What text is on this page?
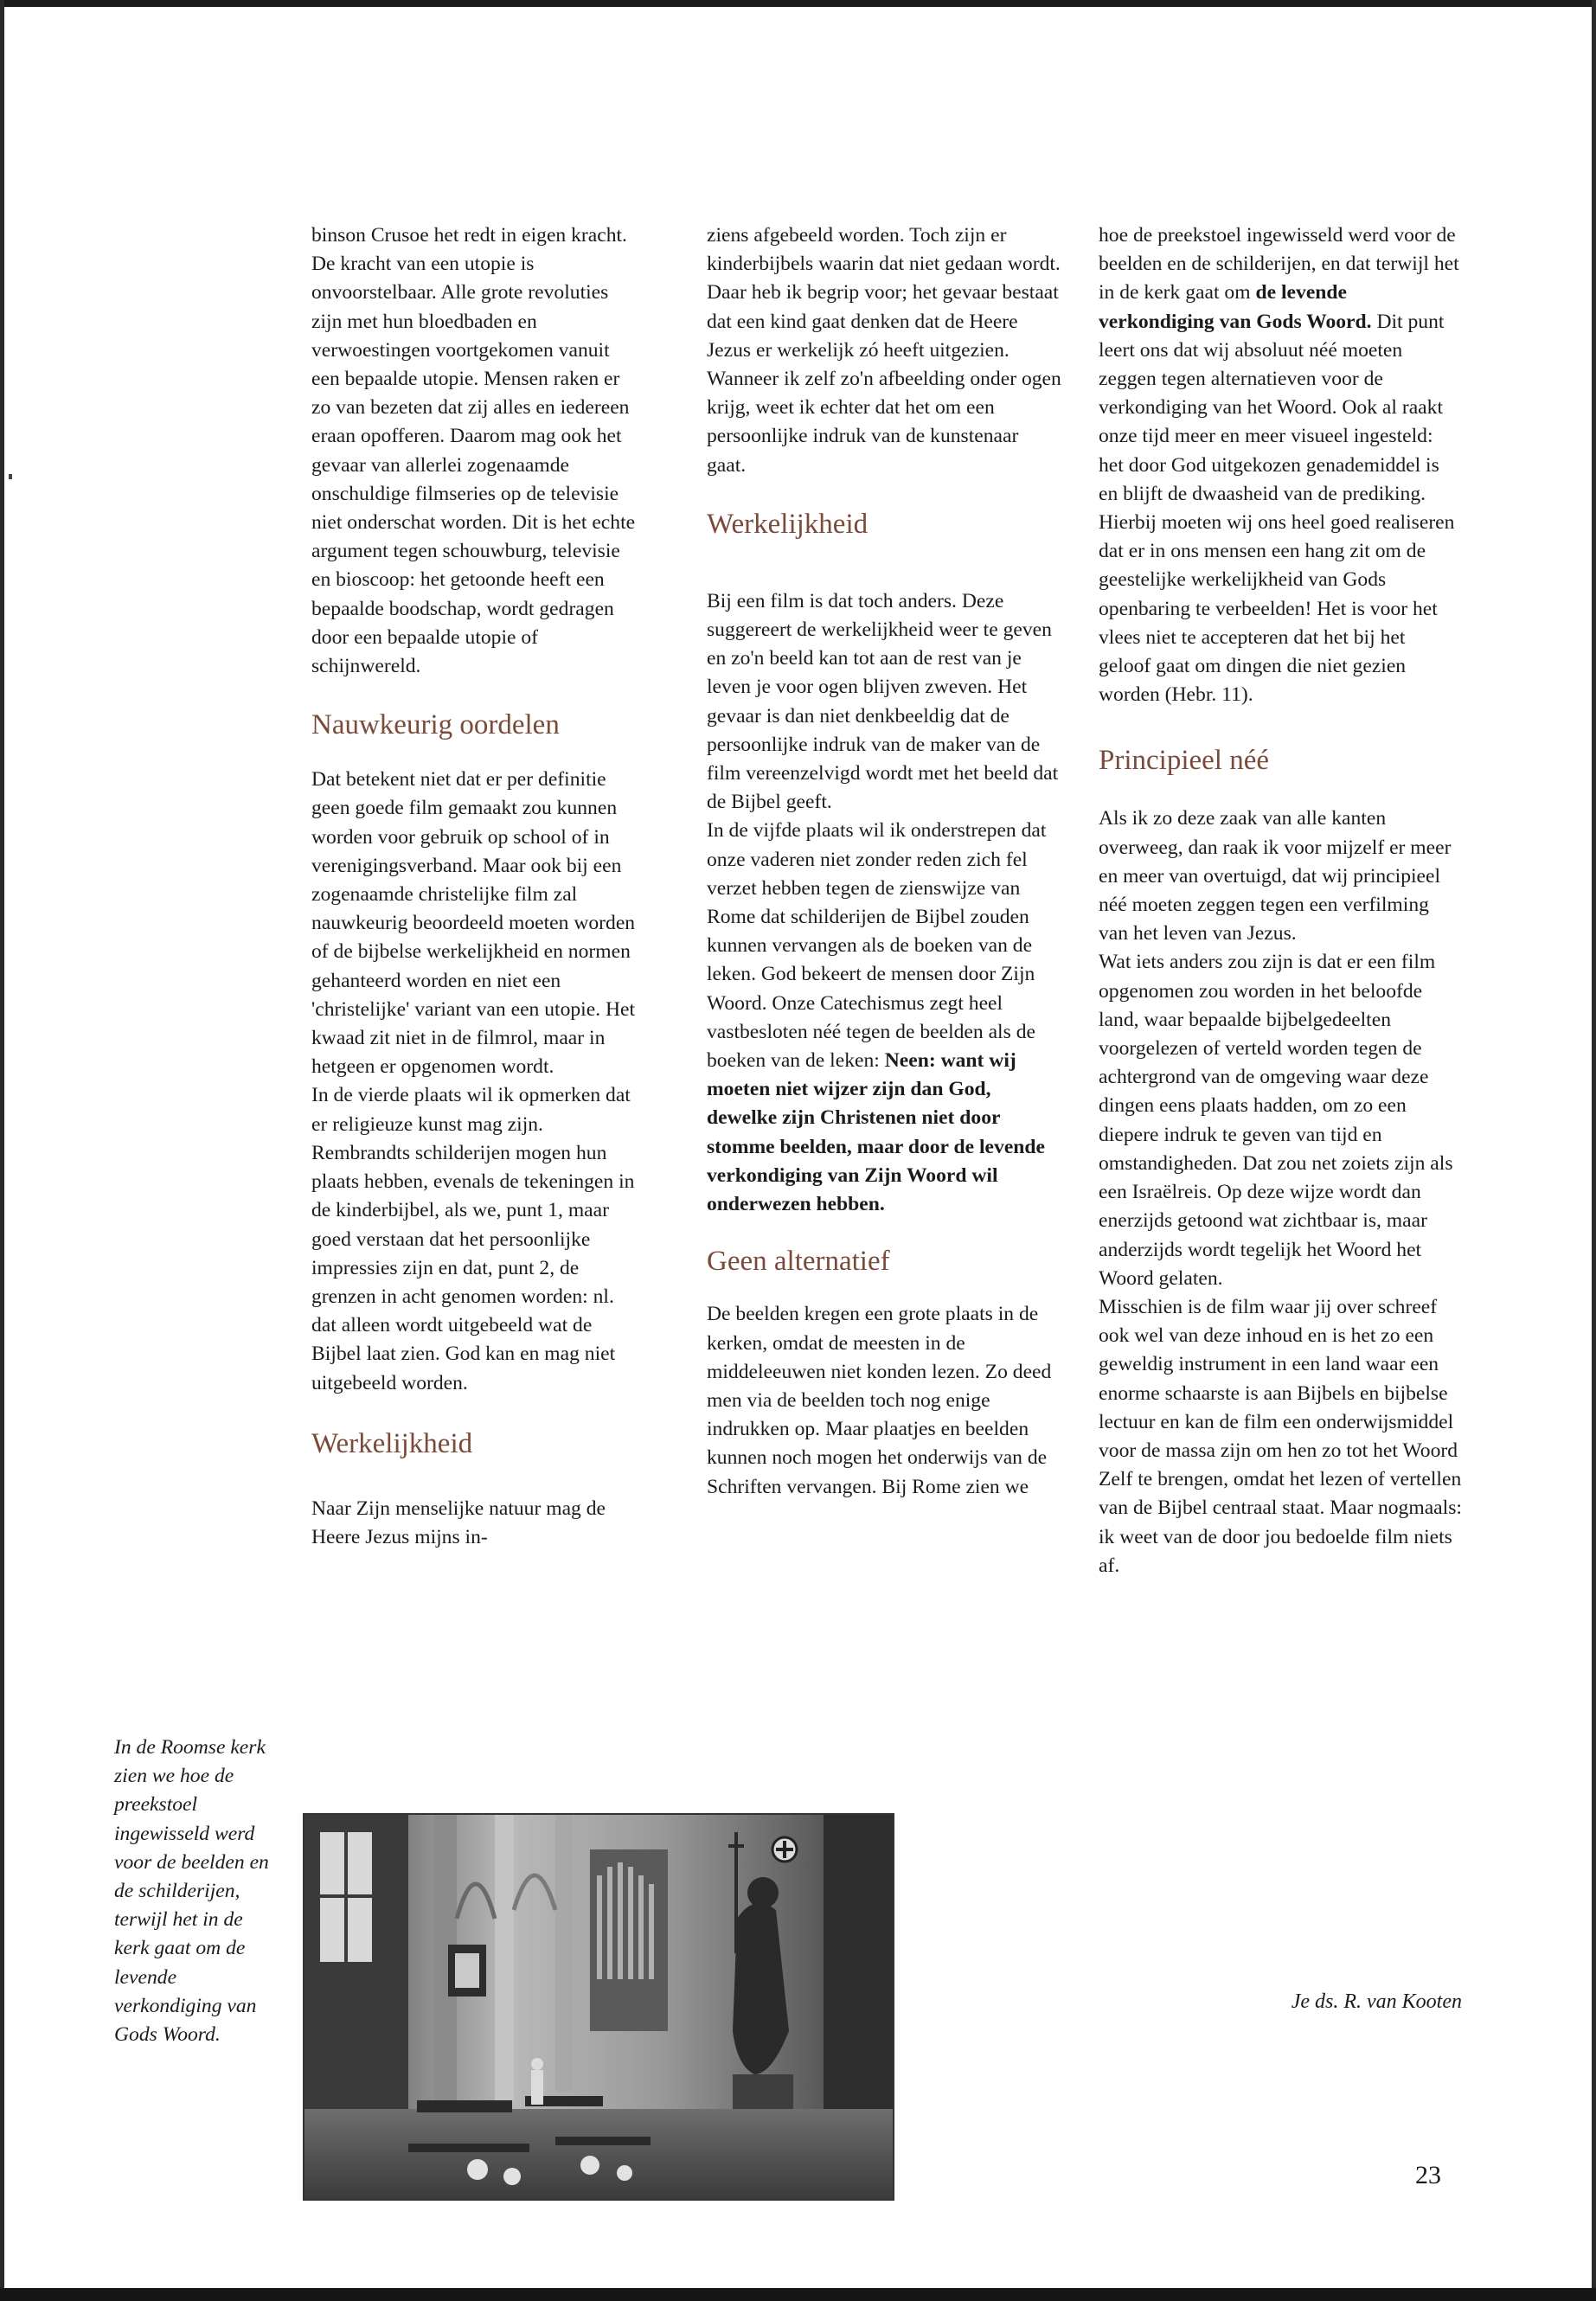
binson Crusoe het redt in eigen kracht.

De kracht van een utopie is onvoorstelbaar. Alle grote revoluties zijn met hun bloedbaden en verwoestingen voortgekomen vanuit een bepaalde utopie. Mensen raken er zo van bezeten dat zij alles en iedereen eraan opofferen. Daarom mag ook het gevaar van allerlei zogenaamde onschuldige filmseries op de televisie niet onderschat worden. Dit is het echte argument tegen schouwburg, televisie en bioscoop: het getoonde heeft een bepaalde boodschap, wordt gedragen door een bepaalde utopie of schijnwereld.

Nauwkeurig oordelen

Dat betekent niet dat er per definitie geen goede film gemaakt zou kunnen worden voor gebruik op school of in verenigingsverband. Maar ook bij een zogenaamde christelijke film zal nauwkeurig beoordeeld moeten worden of de bijbelse werkelijkheid en normen gehanteerd worden en niet een 'christelijke' variant van een utopie. Het kwaad zit niet in de filmrol, maar in hetgeen er opgenomen wordt.

In de vierde plaats wil ik opmerken dat er religieuze kunst mag zijn. Rembrandts schilderijen mogen hun plaats hebben, evenals de tekeningen in de kinderbijbel, als we, punt 1, maar goed verstaan dat het persoonlijke impressies zijn en dat, punt 2, de grenzen in acht genomen worden: nl. dat alleen wordt uitgebeeld wat de Bijbel laat zien. God kan en mag niet uitgebeeld worden.

Werkelijkheid

Naar Zijn menselijke natuur mag de Heere Jezus mijns in-

ziens afgebeeld worden. Toch zijn er kinderbijbels waarin dat niet gedaan wordt. Daar heb ik begrip voor; het gevaar bestaat dat een kind gaat denken dat de Heere Jezus er werkelijk zó heeft uitgezien. Wanneer ik zelf zo'n afbeelding onder ogen krijg, weet ik echter dat het om een persoonlijke indruk van de kunstenaar gaat.

Werkelijkheid

Bij een film is dat toch anders. Deze suggereert de werkelijkheid weer te geven en zo'n beeld kan tot aan de rest van je leven je voor ogen blijven zweven. Het gevaar is dan niet denkbeeldig dat de persoonlijke indruk van de maker van de film vereenzelvigd wordt met het beeld dat de Bijbel geeft.

In de vijfde plaats wil ik onderstrepen dat onze vaderen niet zonder reden zich fel verzet hebben tegen de zienswijze van Rome dat schilderijen de Bijbel zouden kunnen vervangen als de boeken van de leken. God bekeert de mensen door Zijn Woord. Onze Catechismus zegt heel vastbesloten néé tegen de beelden als de boeken van de leken: Neen: want wij moeten niet wijzer zijn dan God, dewelke zijn Christenen niet door stomme beelden, maar door de levende verkondiging van Zijn Woord wil onderwezen hebben.

Geen alternatief

De beelden kregen een grote plaats in de kerken, omdat de meesten in de middeleeuwen niet konden lezen. Zo deed men via de beelden toch nog enige indrukken op. Maar plaatjes en beelden kunnen noch mogen het onderwijs van de Schriften vervangen. Bij Rome zien we

hoe de preekstoel ingewisseld werd voor de beelden en de schilderijen, en dat terwijl het in de kerk gaat om de levende verkondiging van Gods Woord. Dit punt leert ons dat wij absoluut néé moeten zeggen tegen alternatieven voor de verkondiging van het Woord. Ook al raakt onze tijd meer en meer visueel ingesteld: het door God uitgekozen genademiddel is en blijft de dwaasheid van de prediking.

Hierbij moeten wij ons heel goed realiseren dat er in ons mensen een hang zit om de geestelijke werkelijkheid van Gods openbaring te verbeelden! Het is voor het vlees niet te accepteren dat het bij het geloof gaat om dingen die niet gezien worden (Hebr. 11).

Principieel néé

Als ik zo deze zaak van alle kanten overweeg, dan raak ik voor mijzelf er meer en meer van overtuigd, dat wij principieel néé moeten zeggen tegen een verfilming van het leven van Jezus.

Wat iets anders zou zijn is dat er een film opgenomen zou worden in het beloofde land, waar bepaalde bijbelgedeelten voorgelezen of verteld worden tegen de achtergrond van de omgeving waar deze dingen eens plaats hadden, om zo een diepere indruk te geven van tijd en omstandigheden. Dat zou net zoiets zijn als een Israëlreis. Op deze wijze wordt dan enerzijds getoond wat zichtbaar is, maar anderzijds wordt tegelijk het Woord het Woord gelaten.

Misschien is de film waar jij over schreef ook wel van deze inhoud en is het zo een geweldig instrument in een land waar een enorme schaarste is aan Bijbels en bijbelse lectuur en kan de film een onderwijsmiddel voor de massa zijn om hen zo tot het Woord Zelf te brengen, omdat het lezen of vertellen van de Bijbel centraal staat. Maar nogmaals: ik weet van de door jou bedoelde film niets af.

In de Roomse kerk zien we hoe de preekstoel ingewisseld werd voor de beelden en de schilderijen, terwijl het in de kerk gaat om de levende verkondiging van Gods Woord.
Je ds. R. van Kooten
23
